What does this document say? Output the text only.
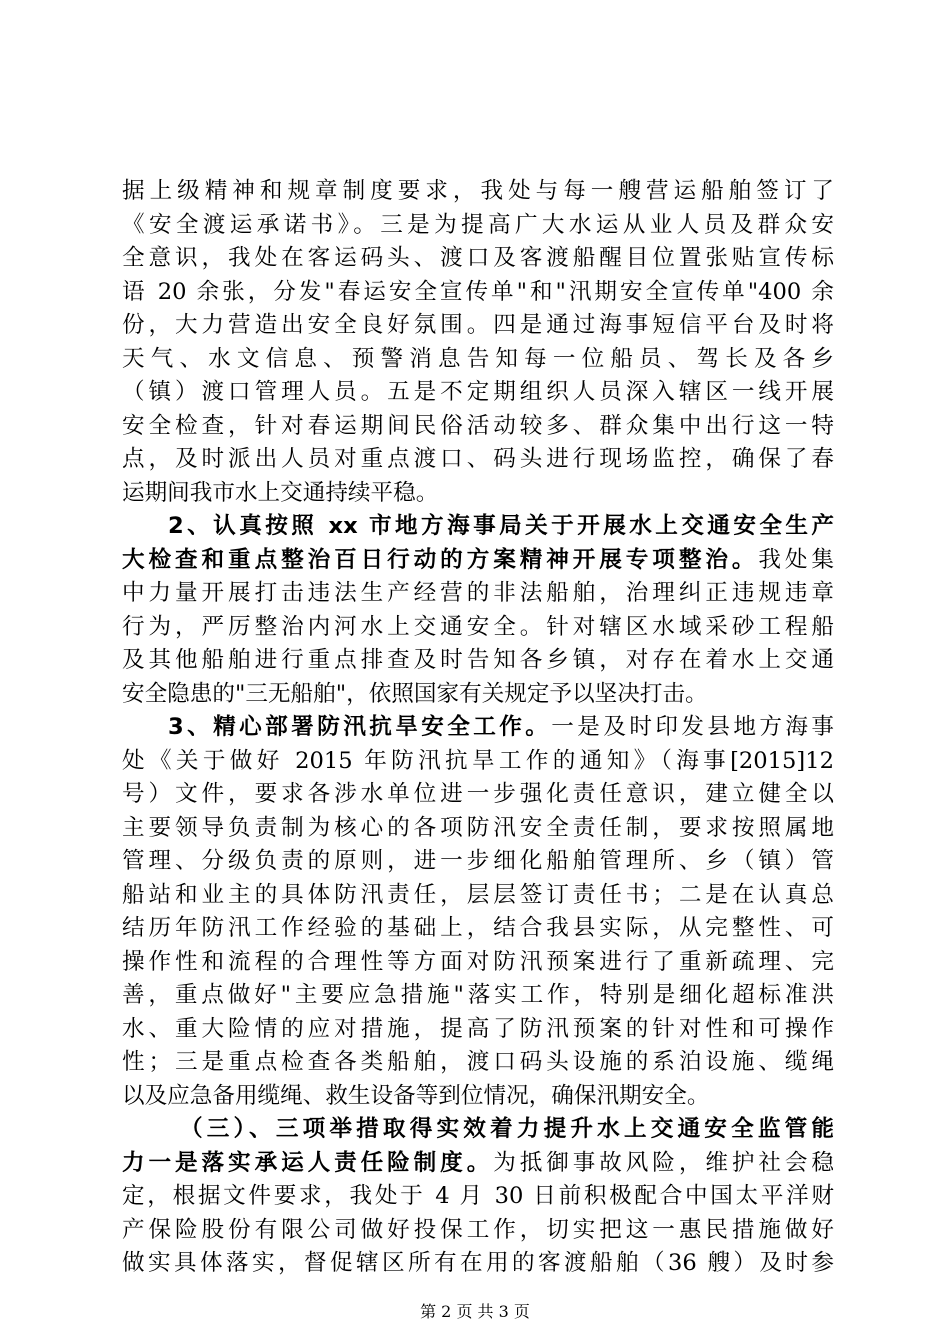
据上级精神和规章制度要求，我处与每一艘营运船舶签订了
《安全渡运承诺书》。三是为提高广大水运从业人员及群众安
全意识，我处在客运码头、渡口及客渡船醒目位置张贴宣传标
语 20 余张，分发"春运安全宣传单"和"汛期安全宣传单"400 余
份，大力营造出安全良好氛围。四是通过海事短信平台及时将
天气、水文信息、预警消息告知每一位船员、驾长及各乡
（镇）渡口管理人员。五是不定期组织人员深入辖区一线开展
安全检查，针对春运期间民俗活动较多、群众集中出行这一特
点，及时派出人员对重点渡口、码头进行现场监控，确保了春
运期间我市水上交通持续平稳。
2、认真按照 xx 市地方海事局关于开展水上交通安全生产
大检查和重点整治百日行动的方案精神开展专项整治。我处集
中力量开展打击违法生产经营的非法船舶，治理纠正违规违章
行为，严厉整治内河水上交通安全。针对辖区水域采砂工程船
及其他船舶进行重点排查及时告知各乡镇，对存在着水上交通
安全隐患的"三无船舶"，依照国家有关规定予以坚决打击。
3、精心部署防汛抗旱安全工作。一是及时印发县地方海事
处《关于做好 2015 年防汛抗旱工作的通知》（海事[2015]12
号）文件，要求各涉水单位进一步强化责任意识，建立健全以
主要领导负责制为核心的各项防汛安全责任制，要求按照属地
管理、分级负责的原则，进一步细化船舶管理所、乡（镇）管
船站和业主的具体防汛责任，层层签订责任书；二是在认真总
结历年防汛工作经验的基础上，结合我县实际，从完整性、可
操作性和流程的合理性等方面对防汛预案进行了重新疏理、完
善，重点做好"主要应急措施"落实工作，特别是细化超标准洪
水、重大险情的应对措施，提高了防汛预案的针对性和可操作
性；三是重点检查各类船舶，渡口码头设施的系泊设施、缆绳
以及应急备用缆绳、救生设备等到位情况，确保汛期安全。
（三）、三项举措取得实效着力提升水上交通安全监管能
力一是落实承运人责任险制度。为抵御事故风险，维护社会稳
第 2 页 共 3 页
定，根据文件要求，我处于 4 月 30 日前积极配合中国太平洋财
产保险股份有限公司做好投保工作，切实把这一惠民措施做好
做实具体落实，督促辖区所有在用的客渡船舶（36 艘）及时参
